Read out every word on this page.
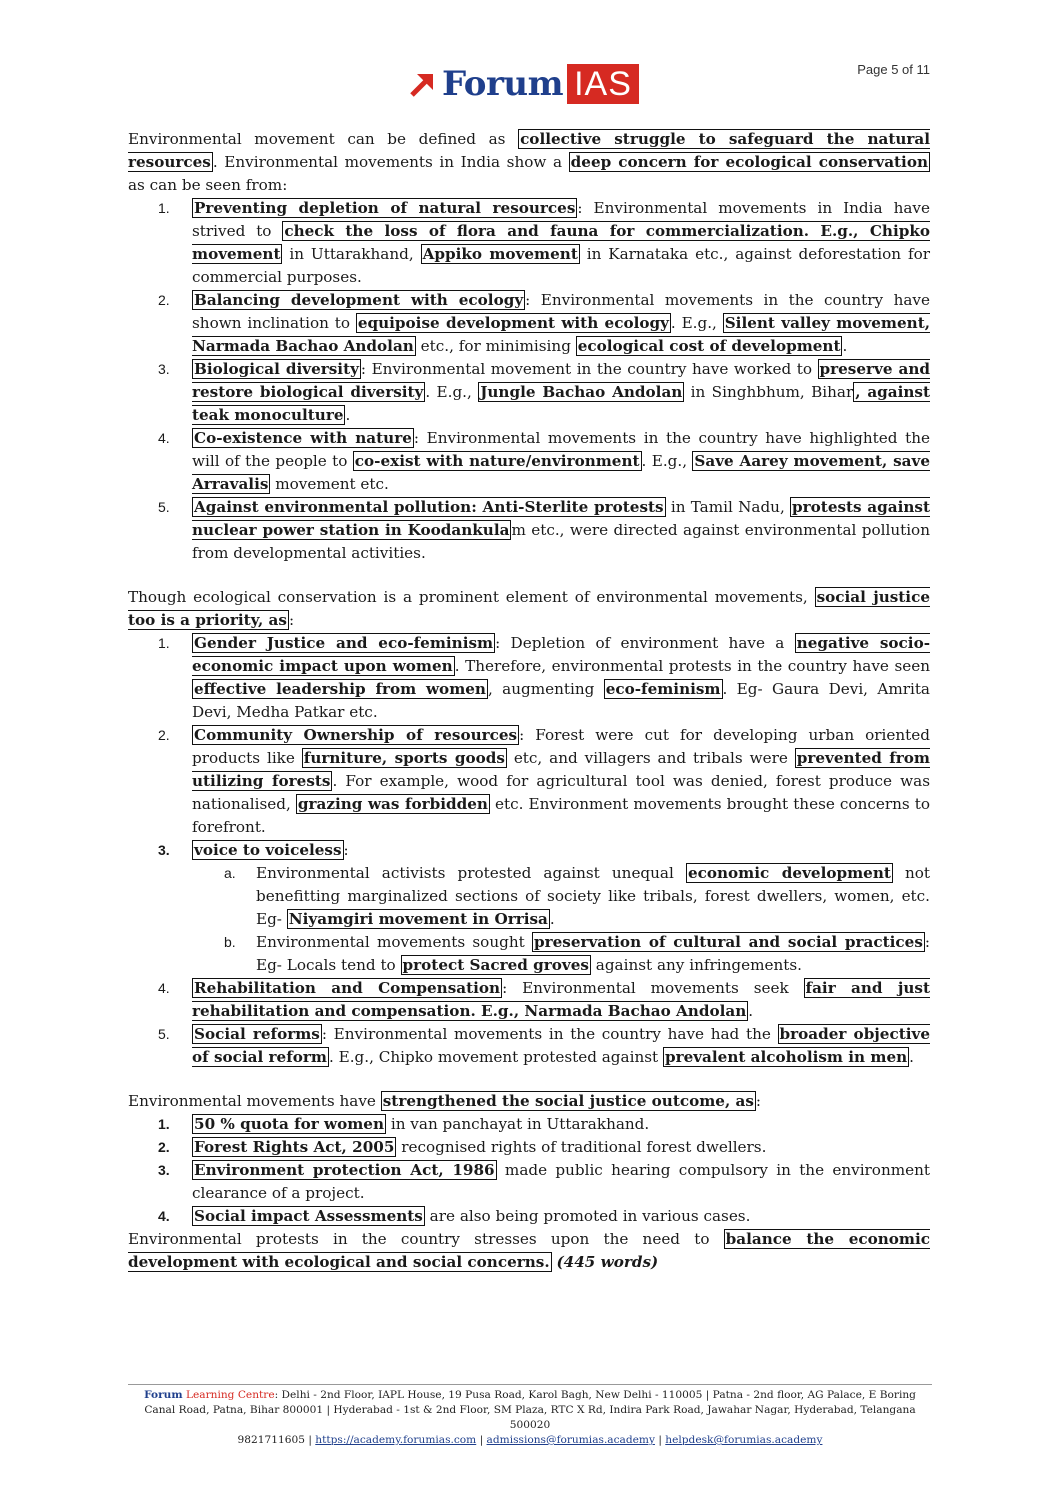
Page 5 of 11
Forum IAS

Environmental movement can be defined as collective struggle to safeguard the natural resources . Environmental movements in India show a deep concern for ecological conservation as can be seen from:

1.	Preventing depletion of natural resources : Environmental movements in India have strived to check the loss of flora and fauna for commercialization. E.g., Chipko movement in Uttarakhand, Appiko movement in Karnataka etc., against deforestation for commercial purposes.
2.	Balancing development with ecology : Environmental movements in the country have shown inclination to equipoise development with ecology . E.g., Silent valley movement, Narmada Bachao Andolan etc., for minimising ecological cost of development .
3.	Biological diversity : Environmental movement in the country have worked to preserve and restore biological diversity . E.g., Jungle Bachao Andolan in Singhbhum, Bihar , against teak monoculture .
4.	Co-existence with nature : Environmental movements in the country have highlighted the will of the people to co-exist with nature/environment . E.g., Save Aarey movement, save Arravalis movement etc.
5.	Against environmental pollution: Anti-Sterlite protests in Tamil Nadu, protests against nuclear power station in Koodankula m etc., were directed against environmental pollution from developmental activities.

Though ecological conservation is a prominent element of environmental movements, social justice too is a priority, as :

1.	Gender Justice and eco-feminism : Depletion of environment have a negative socio-economic impact upon women . Therefore, environmental protests in the country have seen effective leadership from women , augmenting eco-feminism . Eg- Gaura Devi, Amrita Devi, Medha Patkar etc.
2.	Community Ownership of resources : Forest were cut for developing urban oriented products like furniture, sports goods etc, and villagers and tribals were prevented from utilizing forests . For example, wood for agricultural tool was denied, forest produce was nationalised, grazing was forbidden etc. Environment movements brought these concerns to forefront.
3.	voice to voiceless :
a.	Environmental activists protested against unequal economic development not benefitting marginalized sections of society like tribals, forest dwellers, women, etc. Eg- Niyamgiri movement in Orrisa .
b.	Environmental movements sought preservation of cultural and social practices : Eg- Locals tend to protect Sacred groves against any infringements.
4.	Rehabilitation and Compensation : Environmental movements seek fair and just rehabilitation and compensation. E.g., Narmada Bachao Andolan .
5.	Social reforms : Environmental movements in the country have had the broader objective of social reform . E.g., Chipko movement protested against prevalent alcoholism in men .

Environmental movements have strengthened the social justice outcome, as :

1.	50 % quota for women in van panchayat in Uttarakhand.
2.	Forest Rights Act, 2005 recognised rights of traditional forest dwellers.
3.	Environment protection Act, 1986 made public hearing compulsory in the environment clearance of a project.
4.	Social impact Assessments are also being promoted in various cases.

Environmental protests in the country stresses upon the need to balance the economic development with ecological and social concerns. (445 words)

Forum Learning Centre: Delhi - 2nd Floor, IAPL House, 19 Pusa Road, Karol Bagh, New Delhi - 110005 | Patna - 2nd floor, AG Palace, E Boring Canal Road, Patna, Bihar 800001 | Hyderabad - 1st & 2nd Floor, SM Plaza, RTC X Rd, Indira Park Road, Jawahar Nagar, Hyderabad, Telangana 500020
9821711605 | https://academy.forumias.com | admissions@forumias.academy | helpdesk@forumias.academy
